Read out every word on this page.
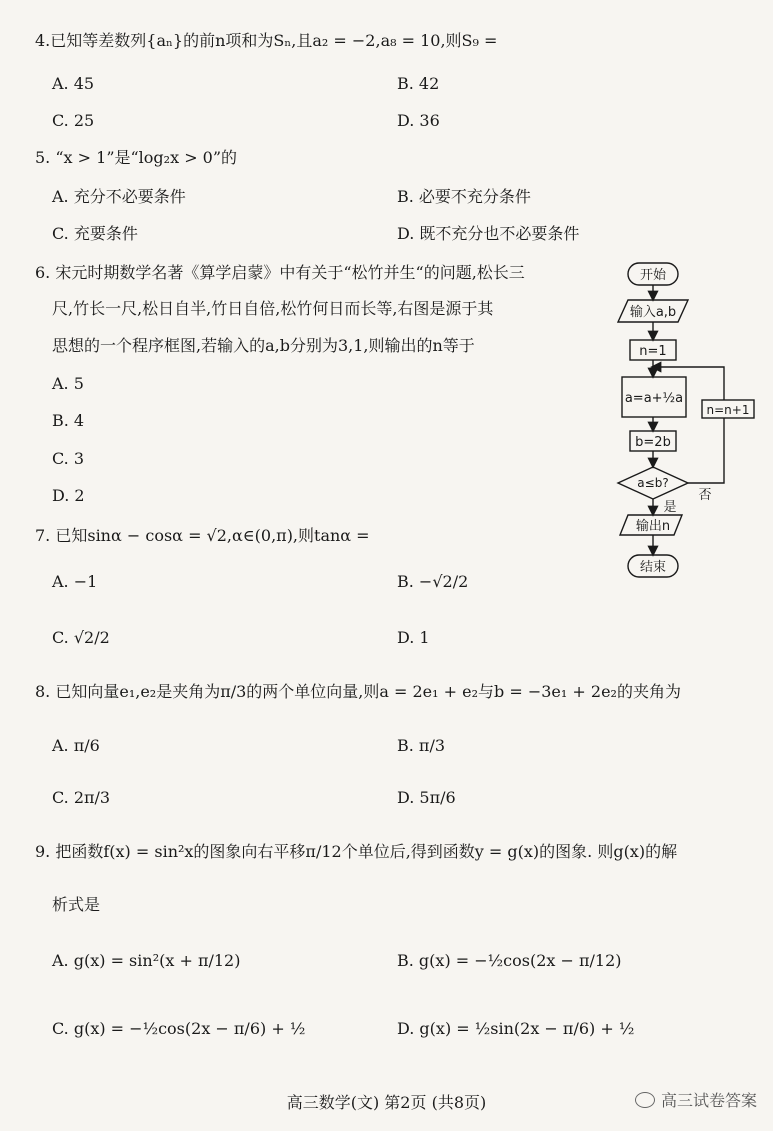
4.已知等差数列{aₙ}的前n项和为Sₙ,且a₂ = −2,a₈ = 10,则S₉ =
A. 45	B. 42
C. 25	D. 36
5. “x > 1”是“log₂x > 0”的
A. 充分不必要条件	B. 必要不充分条件
C. 充要条件	D. 既不充分也不必要条件
6. 宋元时期数学名著《算学启蒙》中有关于“松竹并生“的问题,松长三
尺,竹长一尺,松日自半,竹日自倍,松竹何日而长等,右图是源于其
思想的一个程序框图,若输入的a,b分别为3,1,则输出的n等于
A. 5
B. 4
C. 3
D. 2
开始
输入a,b
n=1
a=a+½a
b=2b
a≤b?
输出n
结束
n=n+1
否
是
7. 已知sinα − cosα = √2,α∈(0,π),则tanα =
A. −1	B. −√2/2
C. √2/2	D. 1
8. 已知向量e₁,e₂是夹角为π/3的两个单位向量,则a = 2e₁ + e₂与b = −3e₁ + 2e₂的夹角为
A. π/6	B. π/3
C. 2π/3	D. 5π/6
9. 把函数f(x) = sin²x的图象向右平移π/12个单位后,得到函数y = g(x)的图象. 则g(x)的解
析式是
A. g(x) = sin²(x + π/12)	B. g(x) = −½cos(2x − π/12)
C. g(x) = −½cos(2x − π/6) + ½	D. g(x) = ½sin(2x − π/6) + ½
高三数学(文) 第2页 (共8页)	高三试卷答案
